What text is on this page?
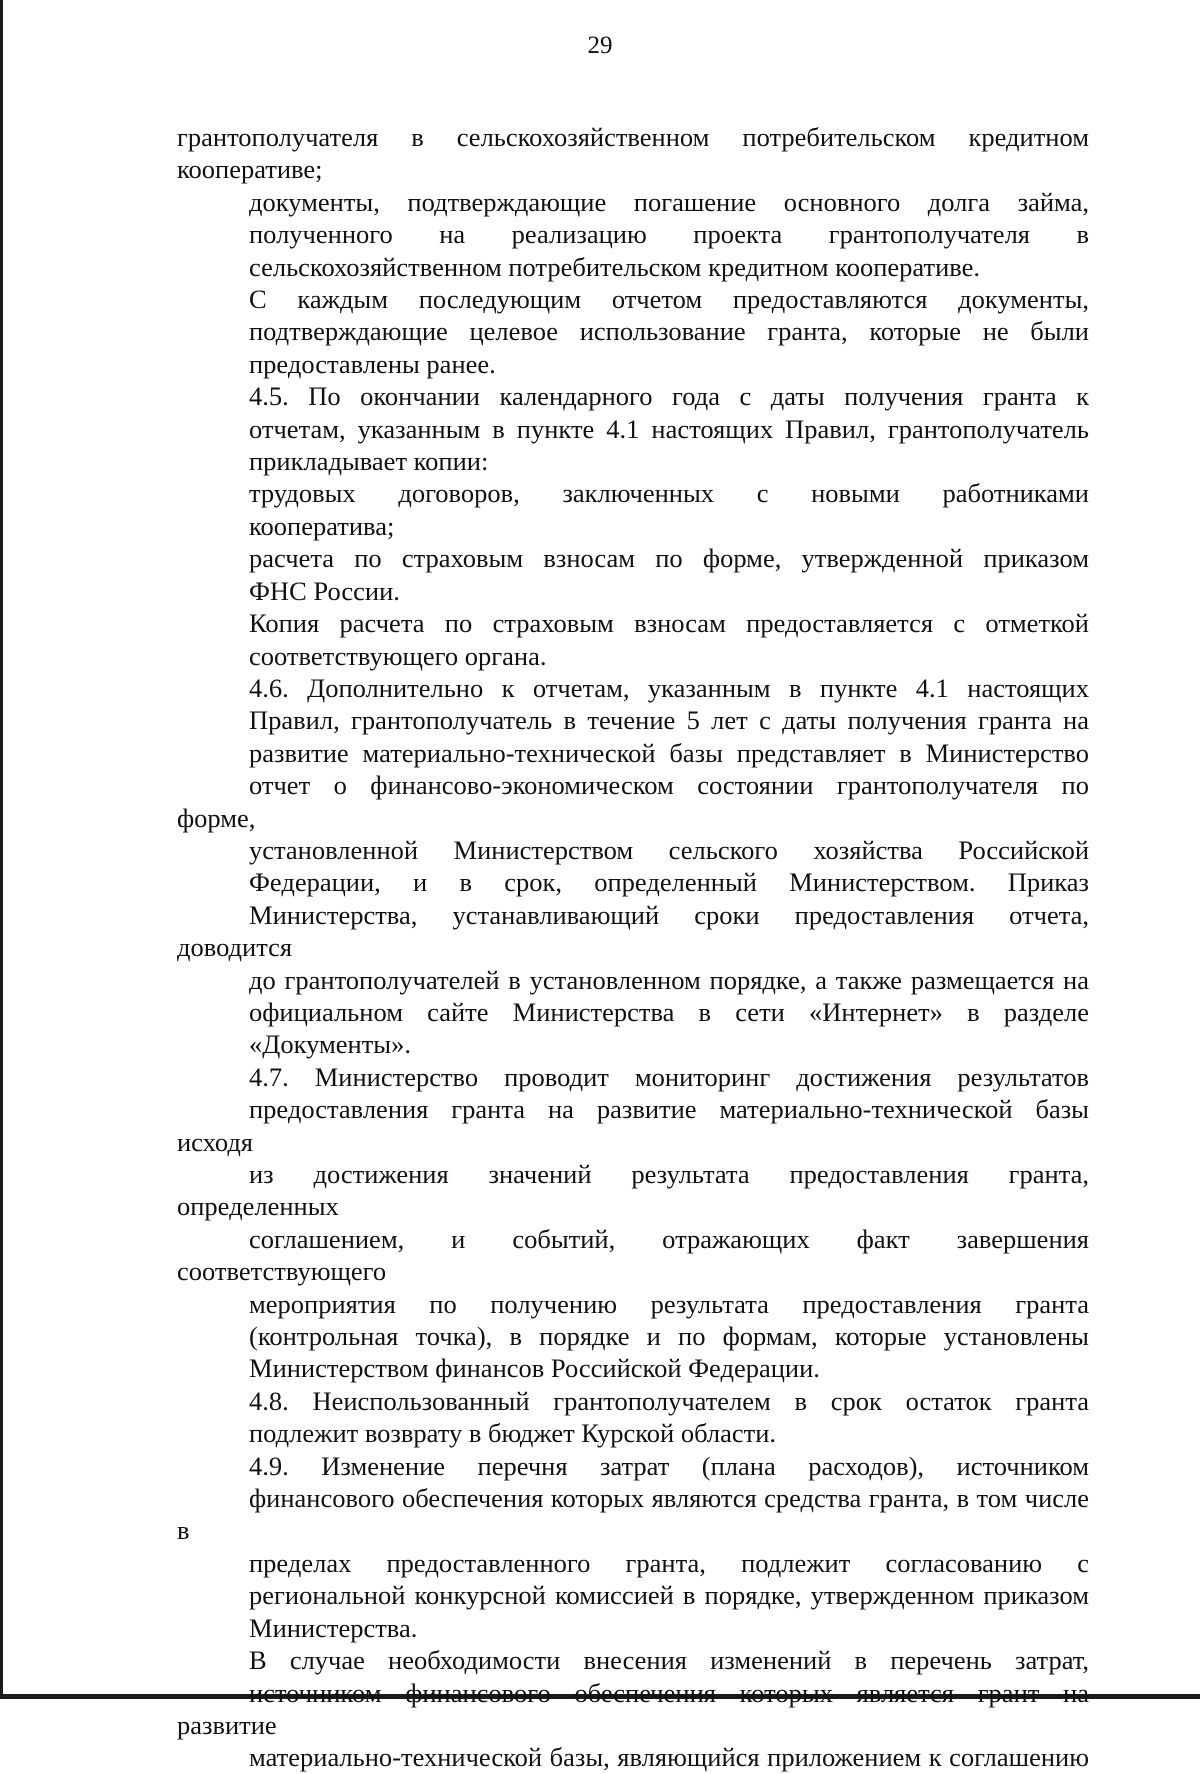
29

грантополучателя в сельскохозяйственном потребительском кредитном
кооперативе;

документы, подтверждающие погашение основного долга займа,
полученного на реализацию проекта грантополучателя в
сельскохозяйственном потребительском кредитном кооперативе.

С каждым последующим отчетом предоставляются документы,
подтверждающие целевое использование гранта, которые не были
предоставлены ранее.

4.5. По окончании календарного года с даты получения гранта к
отчетам, указанным в пункте 4.1 настоящих Правил, грантополучатель
прикладывает копии:

трудовых договоров, заключенных с новыми работниками
кооператива;

расчета по страховым взносам по форме, утвержденной приказом
ФНС России.

Копия расчета по страховым взносам предоставляется с отметкой
соответствующего органа.

4.6. Дополнительно к отчетам, указанным в пункте 4.1 настоящих
Правил, грантополучатель в течение 5 лет с даты получения гранта на
развитие материально-технической базы представляет в Министерство
отчет о финансово-экономическом состоянии грантополучателя по форме,
установленной Министерством сельского хозяйства Российской
Федерации, и в срок, определенный Министерством. Приказ
Министерства, устанавливающий сроки предоставления отчета, доводится
до грантополучателей в установленном порядке, а также размещается на
официальном сайте Министерства в сети «Интернет» в разделе
«Документы».

4.7. Министерство проводит мониторинг достижения результатов
предоставления гранта на развитие материально-технической базы исходя
из достижения значений результата предоставления гранта, определенных
соглашением, и событий, отражающих факт завершения соответствующего
мероприятия по получению результата предоставления гранта
(контрольная точка), в порядке и по формам, которые установлены
Министерством финансов Российской Федерации.

4.8. Неиспользованный грантополучателем в срок остаток гранта
подлежит возврату в бюджет Курской области.

4.9. Изменение перечня затрат (плана расходов), источником
финансового обеспечения которых являются средства гранта, в том числе в
пределах предоставленного гранта, подлежит согласованию с
региональной конкурсной комиссией в порядке, утвержденном приказом
Министерства.

В случае необходимости внесения изменений в перечень затрат,
источником финансового обеспечения которых является грант на развитие
материально-технической базы, являющийся приложением к соглашению
